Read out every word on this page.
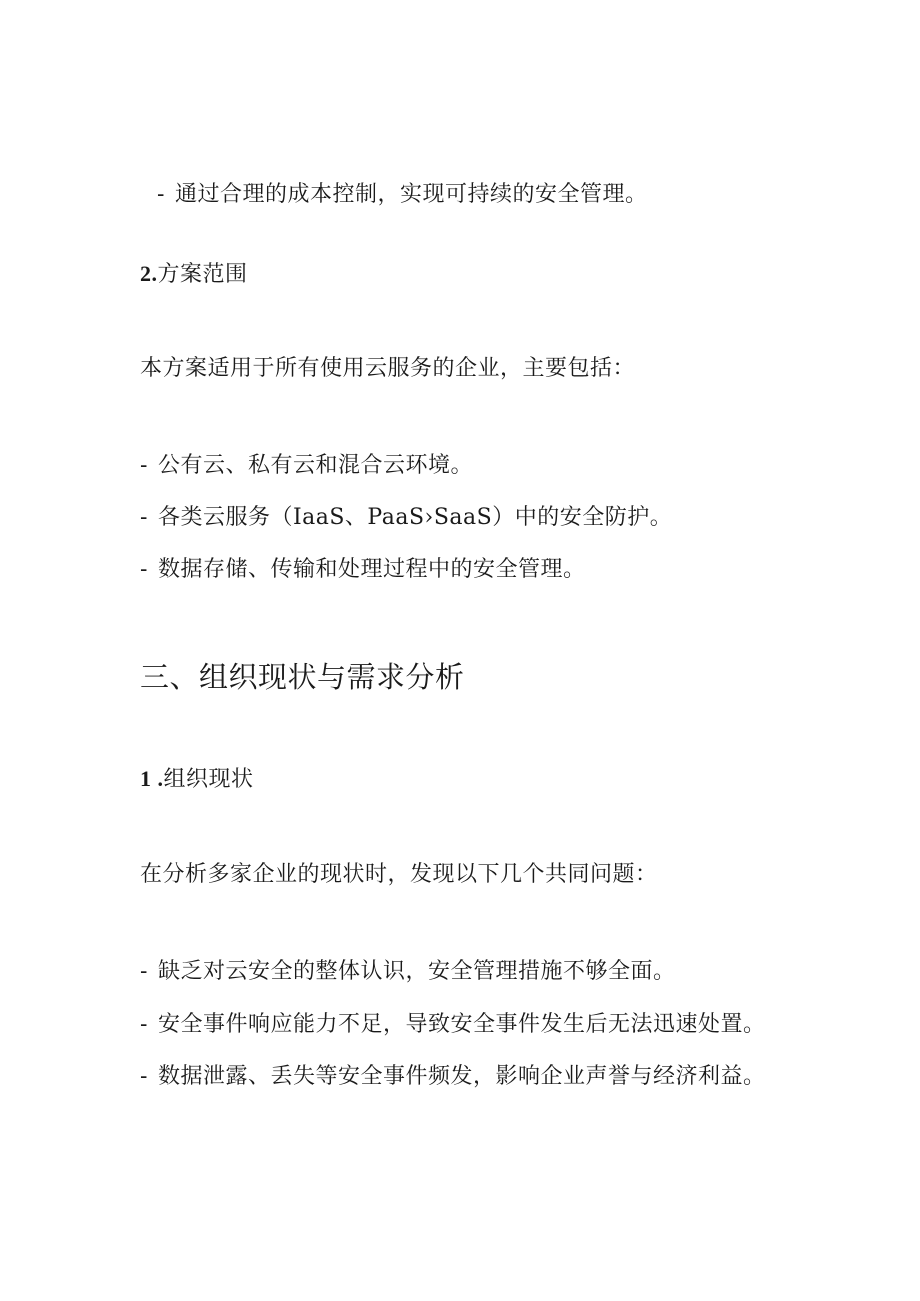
- 通过合理的成本控制，实现可持续的安全管理。
2.方案范围
本方案适用于所有使用云服务的企业，主要包括：
- 公有云、私有云和混合云环境。
- 各类云服务（IaaS、PaaS›SaaS）中的安全防护。
- 数据存储、传输和处理过程中的安全管理。
三、组织现状与需求分析
1 .组织现状
在分析多家企业的现状时，发现以下几个共同问题：
- 缺乏对云安全的整体认识，安全管理措施不够全面。
- 安全事件响应能力不足，导致安全事件发生后无法迅速处置。
- 数据泄露、丢失等安全事件频发，影响企业声誉与经济利益。
